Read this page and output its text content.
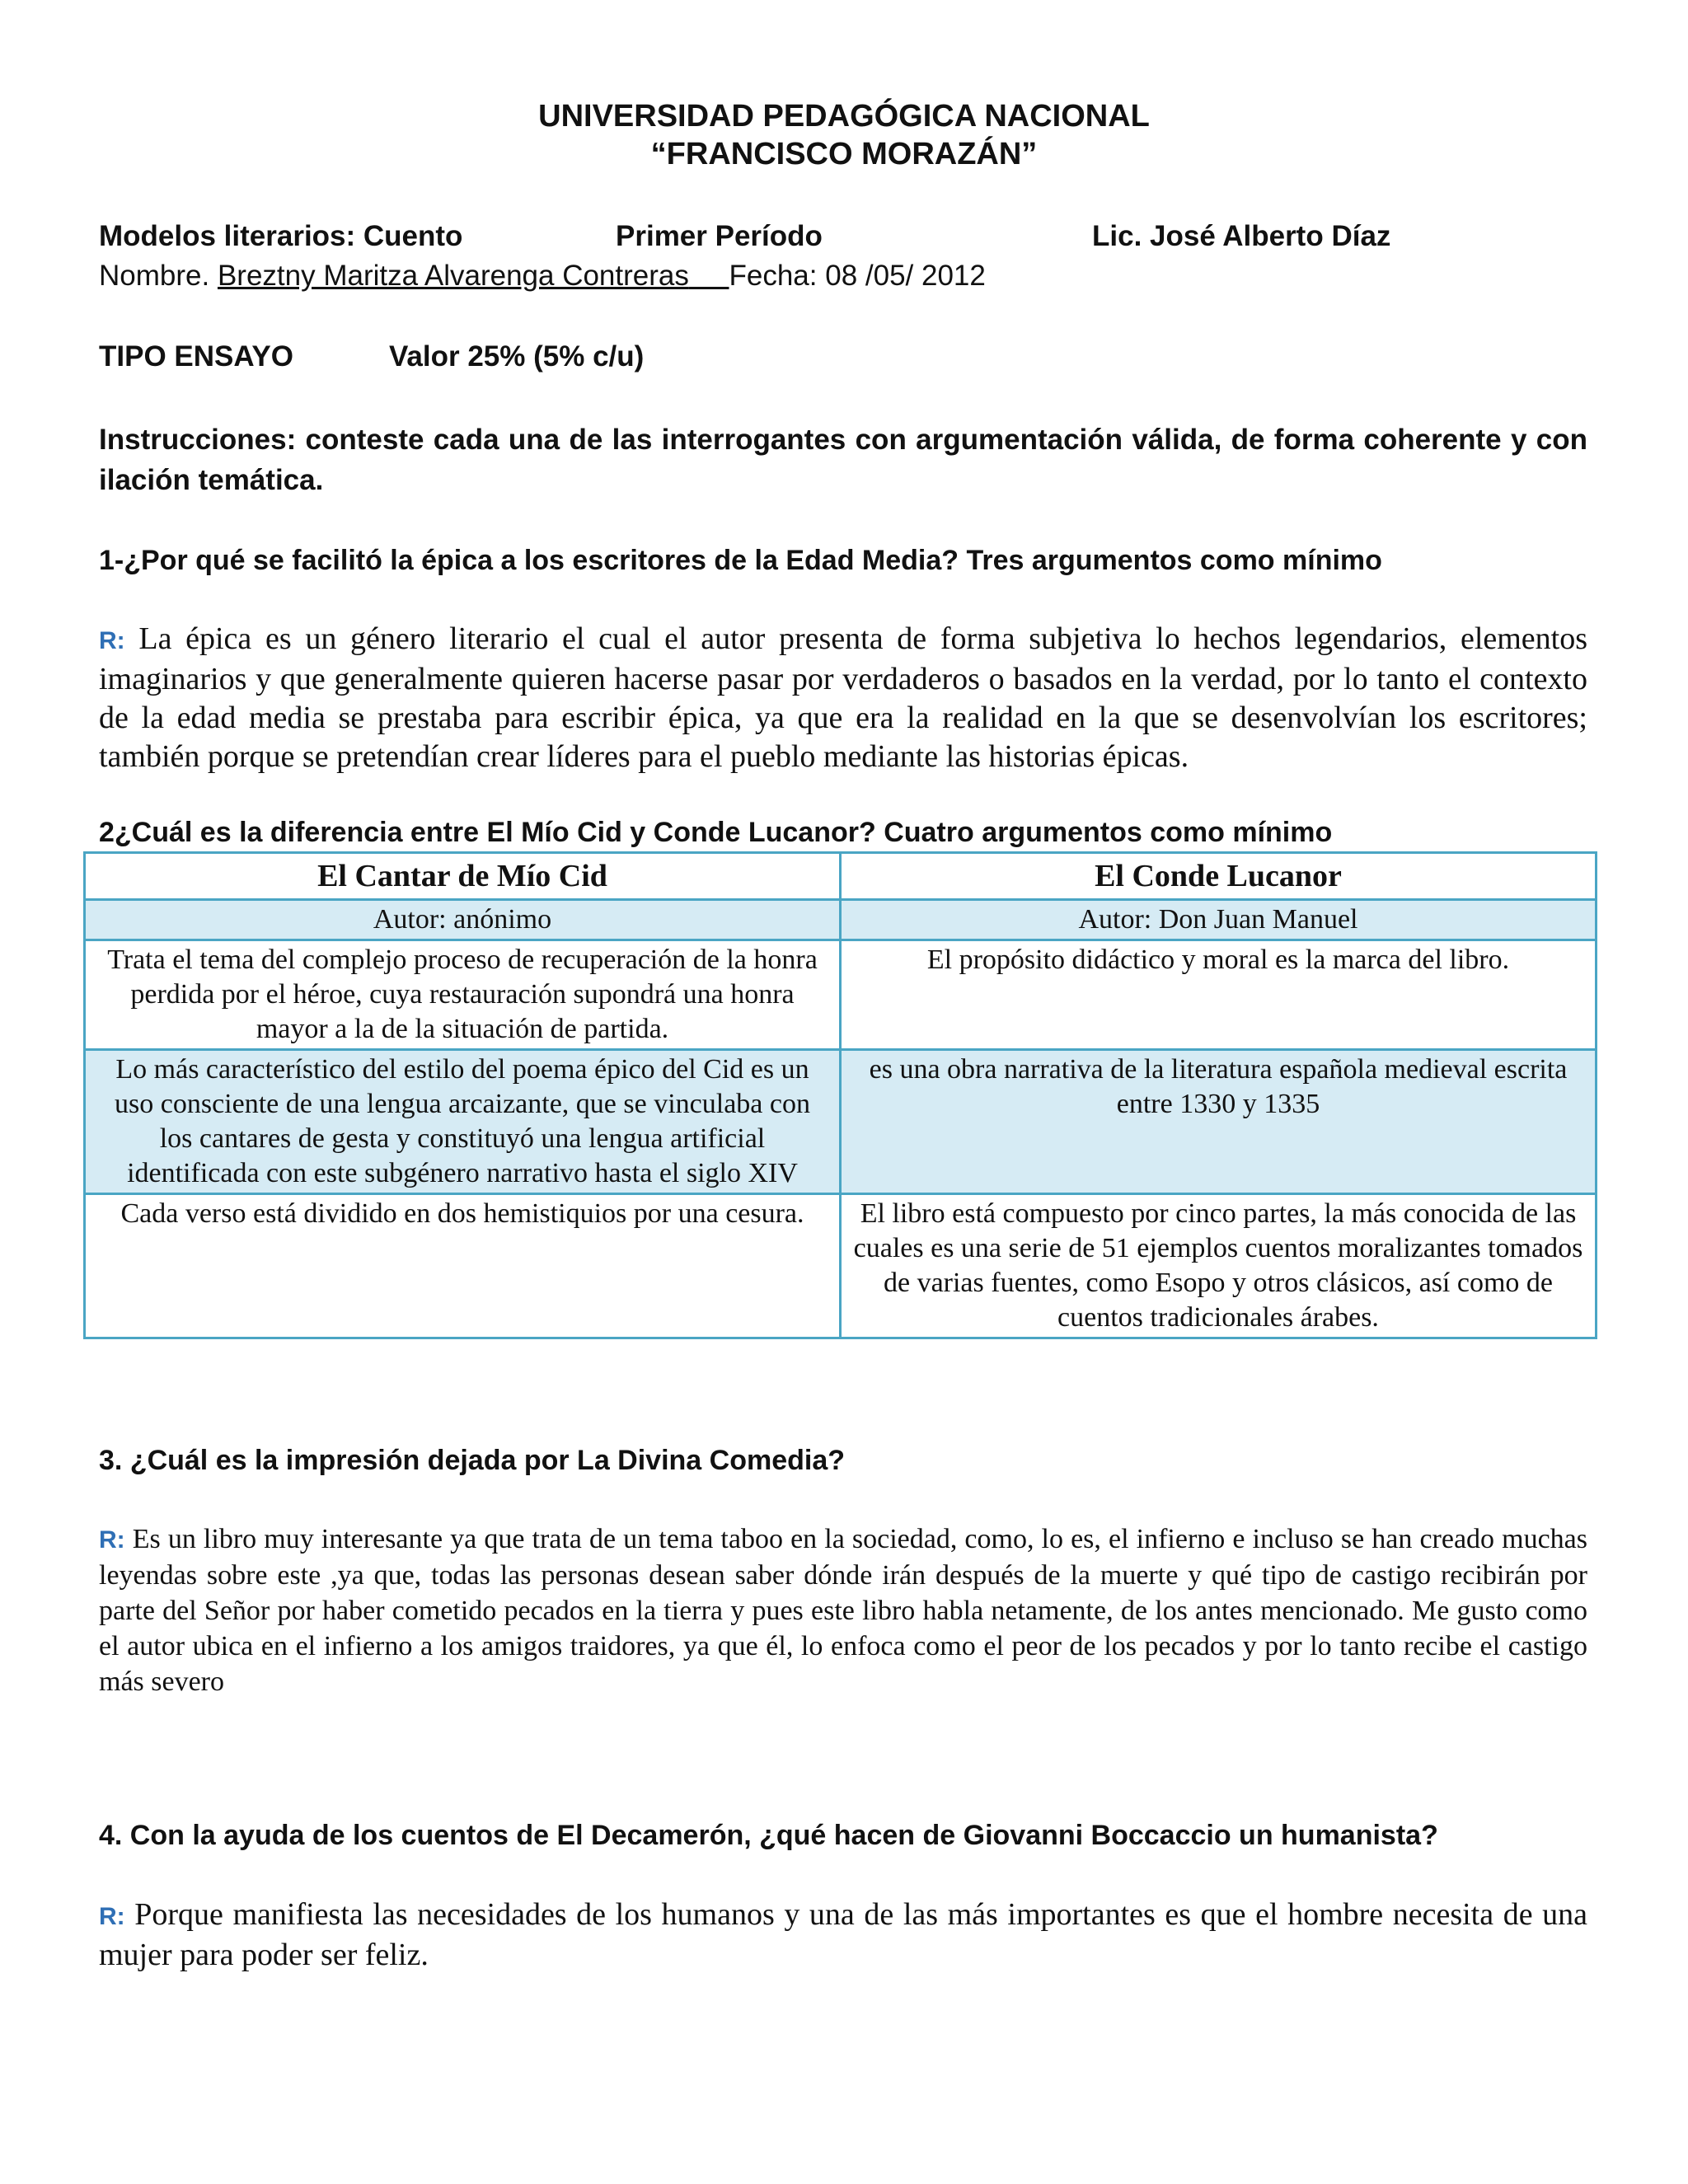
UNIVERSIDAD PEDAGÓGICA NACIONAL
“FRANCISCO MORAZÁN”
Modelos literarios: Cuento	Primer Período	Lic. José Alberto Díaz
Nombre. Breztny Maritza Alvarenga Contreras Fecha: 08 /05/ 2012
TIPO ENSAYO	Valor 25% (5% c/u)
Instrucciones: conteste cada una de las interrogantes con argumentación válida, de forma coherente y con ilación temática.
1-¿Por qué se facilitó la épica a los escritores de la Edad Media? Tres argumentos como mínimo
R: La épica es un género literario el cual el autor presenta de forma subjetiva lo hechos legendarios, elementos imaginarios y que generalmente quieren hacerse pasar por verdaderos o basados en la verdad, por lo tanto el contexto de la edad media se prestaba para escribir épica, ya que era la realidad en la que se desenvolvían los escritores; también porque se pretendían crear líderes para el pueblo mediante las historias épicas.
2¿Cuál es la diferencia entre El Mío Cid y Conde Lucanor? Cuatro argumentos como mínimo
El Cantar de Mío Cid	El Conde Lucanor
Autor: anónimo	Autor: Don Juan Manuel
Trata el tema del complejo proceso de recuperación de la honra perdida por el héroe, cuya restauración supondrá una honra mayor a la de la situación de partida.	El propósito didáctico y moral es la marca del libro.
Lo más característico del estilo del poema épico del Cid es un uso consciente de una lengua arcaizante, que se vinculaba con los cantares de gesta y constituyó una lengua artificial identificada con este subgénero narrativo hasta el siglo XIV	es una obra narrativa de la literatura española medieval escrita entre 1330 y 1335
Cada verso está dividido en dos hemistiquios por una cesura.	El libro está compuesto por cinco partes, la más conocida de las cuales es una serie de 51 ejemplos cuentos moralizantes tomados de varias fuentes, como Esopo y otros clásicos, así como de cuentos tradicionales árabes.
3. ¿Cuál es la impresión dejada por La Divina Comedia?
R: Es un libro muy interesante ya que trata de un tema taboo en la sociedad, como, lo es, el infierno e incluso se han creado muchas leyendas sobre este ,ya que, todas las personas desean saber dónde irán después de la muerte y qué tipo de castigo recibirán por parte del Señor por haber cometido pecados en la tierra y pues este libro habla netamente, de los antes mencionado. Me gusto como el autor ubica en el infierno a los amigos traidores, ya que él, lo enfoca como el peor de los pecados y por lo tanto recibe el castigo más severo
4. Con la ayuda de los cuentos de El Decamerón, ¿qué hacen de Giovanni Boccaccio un humanista?
R: Porque manifiesta las necesidades de los humanos y una de las más importantes es que el hombre necesita de una mujer para poder ser feliz.
